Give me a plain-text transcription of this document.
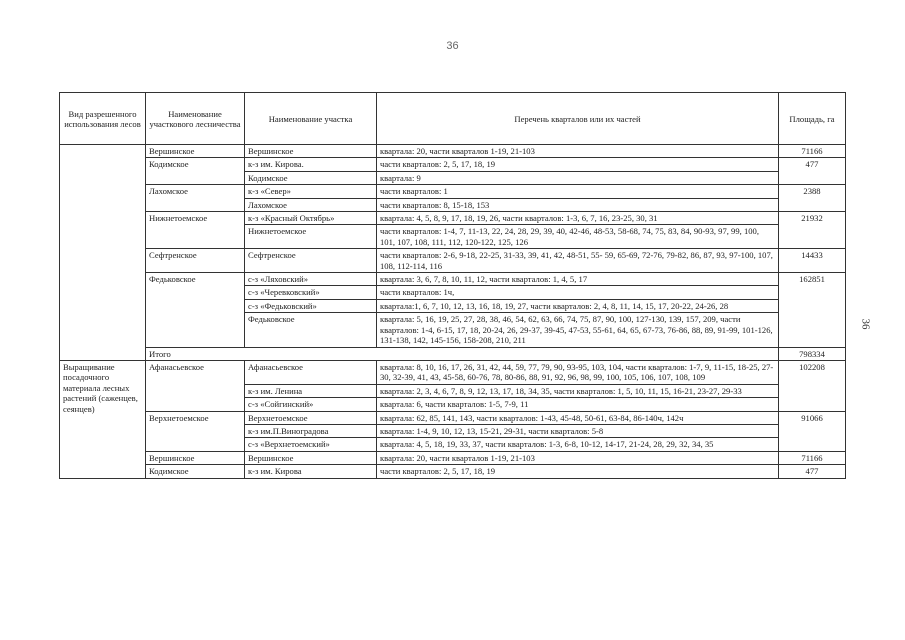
36
36
Вид разрешенного использования лесов	Наименование участкового лесничества	Наименование участка	Перечень кварталов или их частей	Площадь, га
	Вершинское	Вершинское	квартала: 20, части кварталов 1-19, 21-103	71166
	Кодимское	к-з им. Кирова.	части кварталов: 2, 5, 17, 18, 19	477
		Кодимское	квартала: 9	
	Лахомское	к-з «Север»	части кварталов: 1	2388
		Лахомское	части кварталов: 8, 15-18, 153	
	Нижнетоемское	к-з «Красный Октябрь»	квартала: 4, 5, 8, 9, 17, 18, 19, 26, части кварталов: 1-3, 6, 7, 16, 23-25, 30, 31	21932
		Нижнетоемское	части кварталов: 1-4, 7, 11-13, 22, 24, 28, 29, 39, 40, 42-46, 48-53, 58-68, 74, 75, 83, 84, 90-93, 97, 99, 100, 101, 107, 108, 111, 112, 120-122, 125, 126	
	Сефтренское	Сефтренское	части кварталов: 2-6, 9-18, 22-25, 31-33, 39, 41, 42, 48-51, 55- 59, 65-69, 72-76, 79-82, 86, 87, 93, 97-100, 107, 108, 112-114, 116	14433
	Федьковское	с-з «Ляховский»	квартала: 3, 6, 7, 8, 10, 11, 12, части кварталов: 1, 4, 5, 17	162851
		с-з «Черевковский»	части кварталов: 1ч,	
		с-з «Федьковский»	квартала:1, 6, 7, 10, 12, 13, 16, 18, 19, 27, части кварталов: 2, 4, 8, 11, 14, 15, 17, 20-22, 24-26, 28	
		Федьковское	квартала: 5, 16, 19, 25, 27, 28, 38, 46, 54, 62, 63, 66, 74, 75, 87, 90, 100, 127-130, 139, 157, 209, части кварталов: 1-4, 6-15, 17, 18, 20-24, 26, 29-37, 39-45, 47-53, 55-61, 64, 65, 67-73, 76-86, 88, 89, 91-99, 101-126, 131-138, 142, 145-156, 158-208, 210, 211	
	Итого			798334
Выращивание посадочного материала лесных растений (саженцев, сеянцев)	Афанасьевское	Афанасьевское	квартала: 8, 10, 16, 17, 26, 31, 42, 44, 59, 77, 79, 90, 93-95, 103, 104, части кварталов: 1-7, 9, 11-15, 18-25, 27-30, 32-39, 41, 43, 45-58, 60-76, 78, 80-86, 88, 91, 92, 96, 98, 99, 100, 105, 106, 107, 108, 109	102208
		к-з им. Ленина	квартала: 2, 3, 4, 6, 7, 8, 9, 12, 13, 17, 18, 34, 35, части кварталов: 1, 5, 10, 11, 15, 16-21, 23-27, 29-33	
		с-з «Сойгинский»	квартала: 6, части кварталов: 1-5, 7-9, 11	
	Верхнетоемское	Верхнетоемское	квартала: 62, 85, 141, 143, части кварталов: 1-43, 45-48, 50-61, 63-84, 86-140ч, 142ч	91066
		к-з им.П.Виноградова	квартала: 1-4, 9, 10, 12, 13, 15-21, 29-31, части кварталов: 5-8	
		с-з «Верхнетоемский»	квартала: 4, 5, 18, 19, 33, 37, части кварталов: 1-3, 6-8, 10-12, 14-17, 21-24, 28, 29, 32, 34, 35	
	Вершинское	Вершинское	квартала: 20, части кварталов 1-19, 21-103	71166
	Кодимское	к-з им. Кирова	части кварталов: 2, 5, 17, 18, 19	477
